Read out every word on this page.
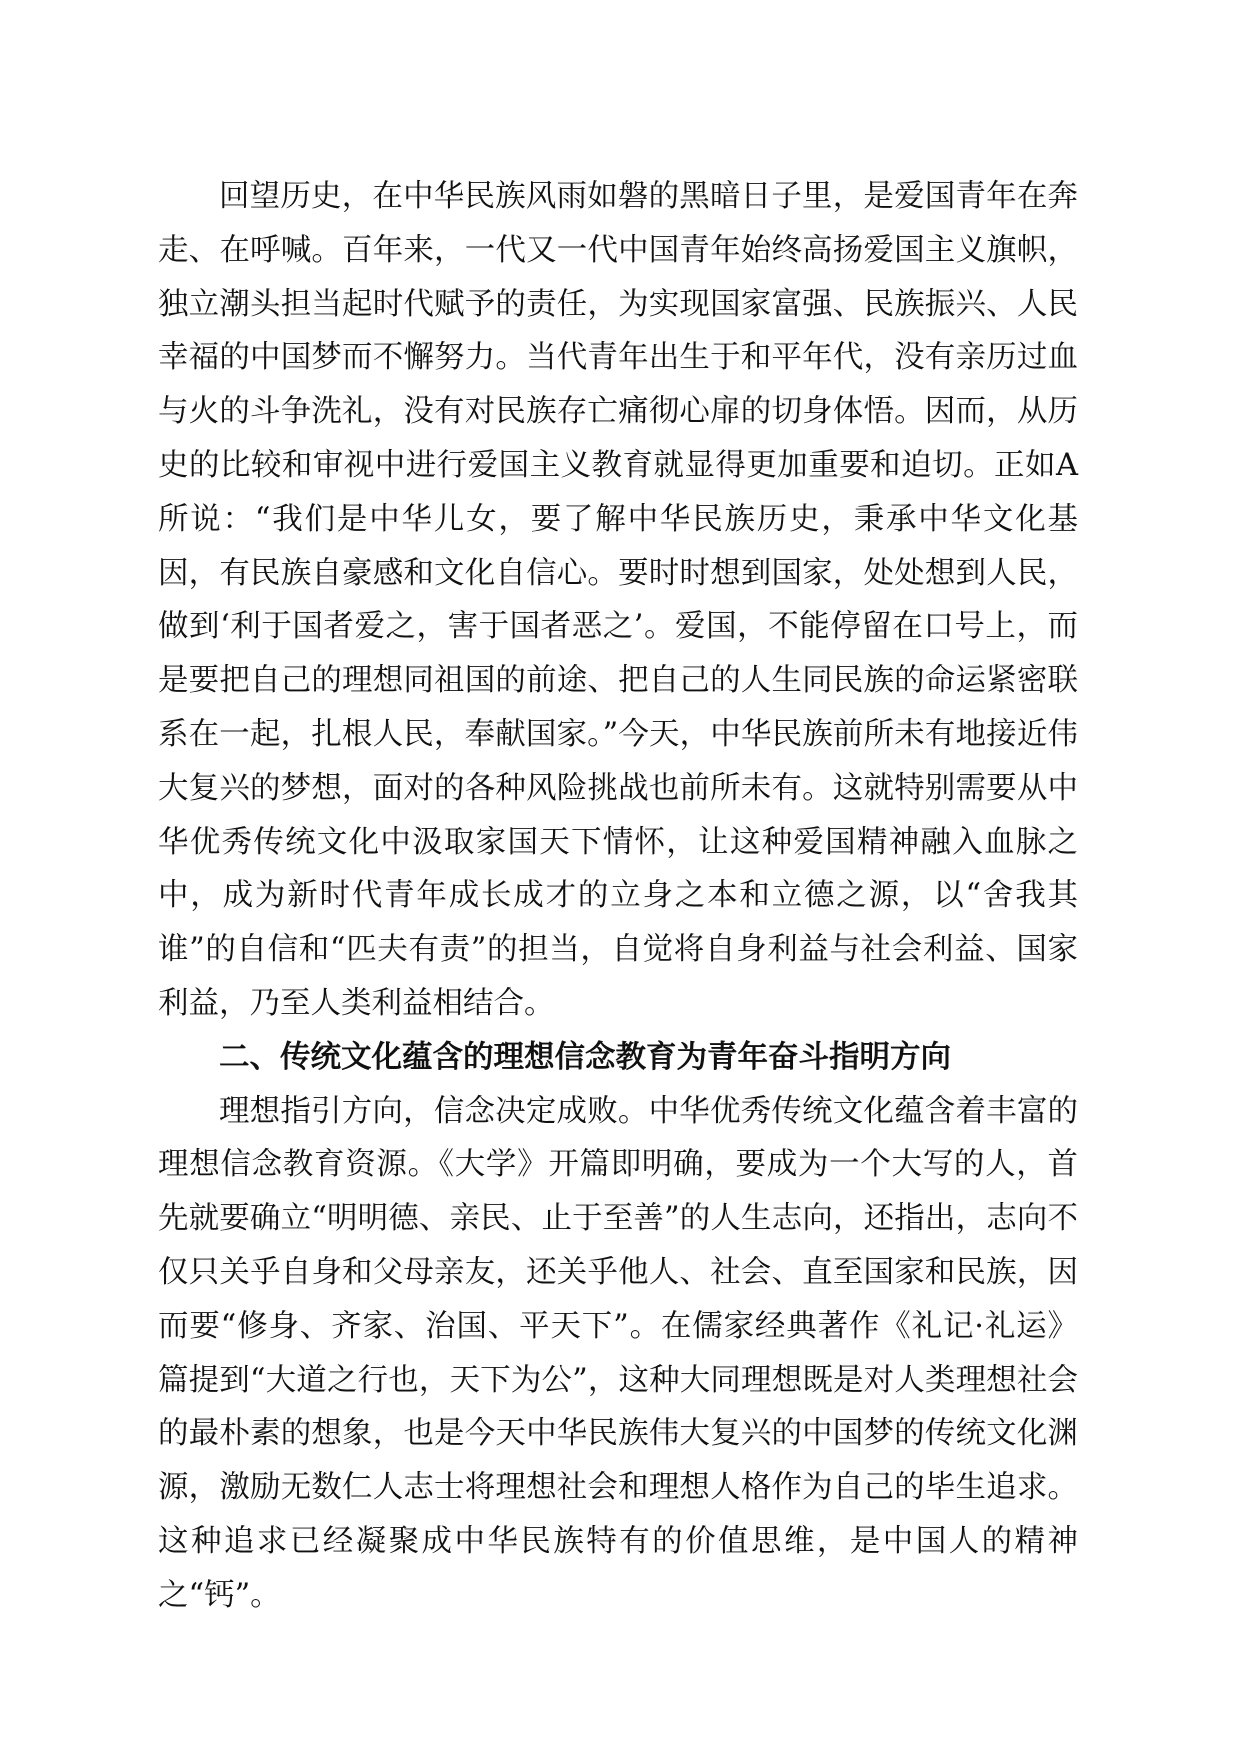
回望历史，在中华民族风雨如磐的黑暗日子里，是爱国青年在奔走、在呼喊。百年来，一代又一代中国青年始终高扬爱国主义旗帜，独立潮头担当起时代赋予的责任，为实现国家富强、民族振兴、人民幸福的中国梦而不懈努力。当代青年出生于和平年代，没有亲历过血与火的斗争洗礼，没有对民族存亡痛彻心扉的切身体悟。因而，从历史的比较和审视中进行爱国主义教育就显得更加重要和迫切。正如A所说：“我们是中华儿女，要了解中华民族历史，秉承中华文化基因，有民族自豪感和文化自信心。要时时想到国家，处处想到人民，做到‘利于国者爱之，害于国者恶之’。爱国，不能停留在口号上，而是要把自己的理想同祖国的前途、把自己的人生同民族的命运紧密联系在一起，扎根人民，奉献国家。”今天，中华民族前所未有地接近伟大复兴的梦想，面对的各种风险挑战也前所未有。这就特别需要从中华优秀传统文化中汲取家国天下情怀，让这种爱国精神融入血脉之中，成为新时代青年成长成才的立身之本和立德之源，以“舍我其谁”的自信和“匹夫有责”的担当，自觉将自身利益与社会利益、国家利益，乃至人类利益相结合。

二、传统文化蕴含的理想信念教育为青年奋斗指明方向

理想指引方向，信念决定成败。中华优秀传统文化蕴含着丰富的理想信念教育资源。《大学》开篇即明确，要成为一个大写的人，首先就要确立“明明德、亲民、止于至善”的人生志向，还指出，志向不仅只关乎自身和父母亲友，还关乎他人、社会、直至国家和民族，因而要“修身、齐家、治国、平天下”。在儒家经典著作《礼记·礼运》篇提到“大道之行也，天下为公”，这种大同理想既是对人类理想社会的最朴素的想象，也是今天中华民族伟大复兴的中国梦的传统文化渊源，激励无数仁人志士将理想社会和理想人格作为自己的毕生追求。这种追求已经凝聚成中华民族特有的价值思维，是中国人的精神之“钙”。
